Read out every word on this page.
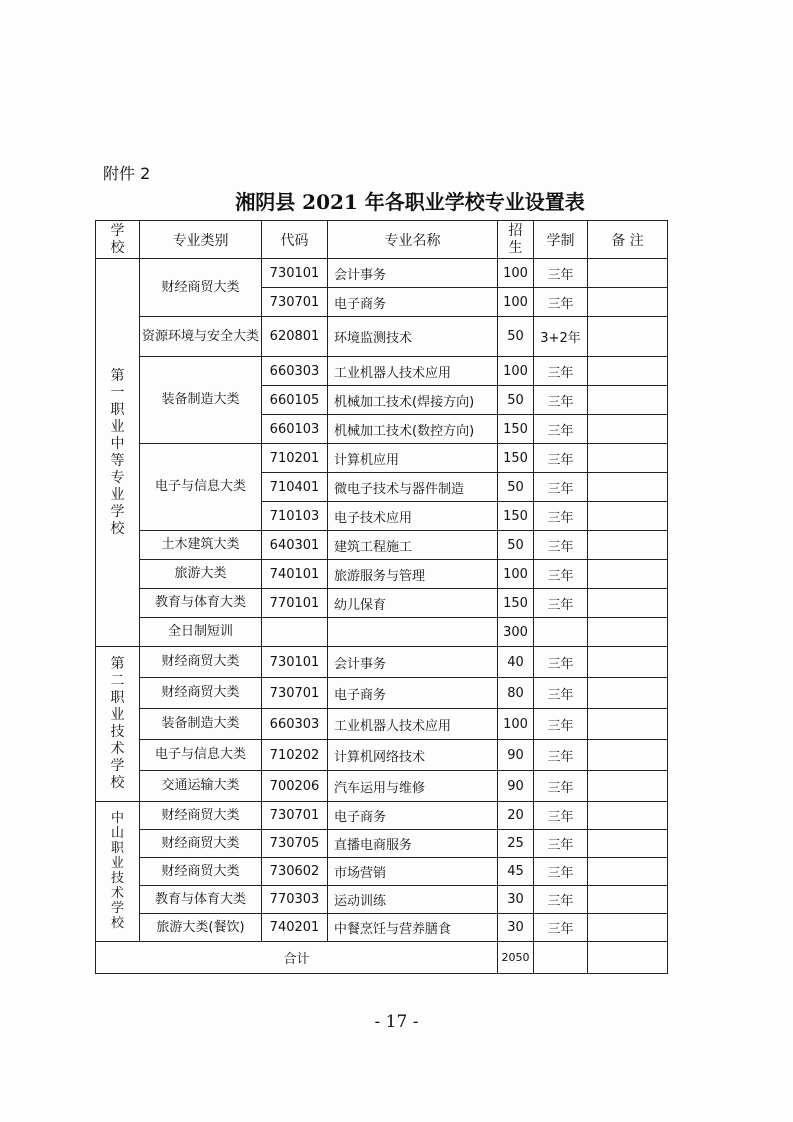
附件 2
湘阴县 2021 年各职业学校专业设置表
学校	专业类别	代码	专业名称	招生	学制	备 注
第一职业中等专业学校	财经商贸大类	730101	会计事务	100	三年	
		730701	电子商务	100	三年	
	资源环境与安全大类	620801	环境监测技术	50	3+2年	
	装备制造大类	660303	工业机器人技术应用	100	三年	
		660105	机械加工技术(焊接方向)	50	三年	
		660103	机械加工技术(数控方向)	150	三年	
	电子与信息大类	710201	计算机应用	150	三年	
		710401	微电子技术与器件制造	50	三年	
		710103	电子技术应用	150	三年	
	土木建筑大类	640301	建筑工程施工	50	三年	
	旅游大类	740101	旅游服务与管理	100	三年	
	教育与体育大类	770101	幼儿保育	150	三年	
	全日制短训			300		
第二职业技术学校	财经商贸大类	730101	会计事务	40	三年	
	财经商贸大类	730701	电子商务	80	三年	
	装备制造大类	660303	工业机器人技术应用	100	三年	
	电子与信息大类	710202	计算机网络技术	90	三年	
	交通运输大类	700206	汽车运用与维修	90	三年	
中山职业技术学校	财经商贸大类	730701	电子商务	20	三年	
	财经商贸大类	730705	直播电商服务	25	三年	
	财经商贸大类	730602	市场营销	45	三年	
	教育与体育大类	770303	运动训练	30	三年	
	旅游大类(餐饮)	740201	中餐烹饪与营养膳食	30	三年	
合计				2050		
- 17 -
